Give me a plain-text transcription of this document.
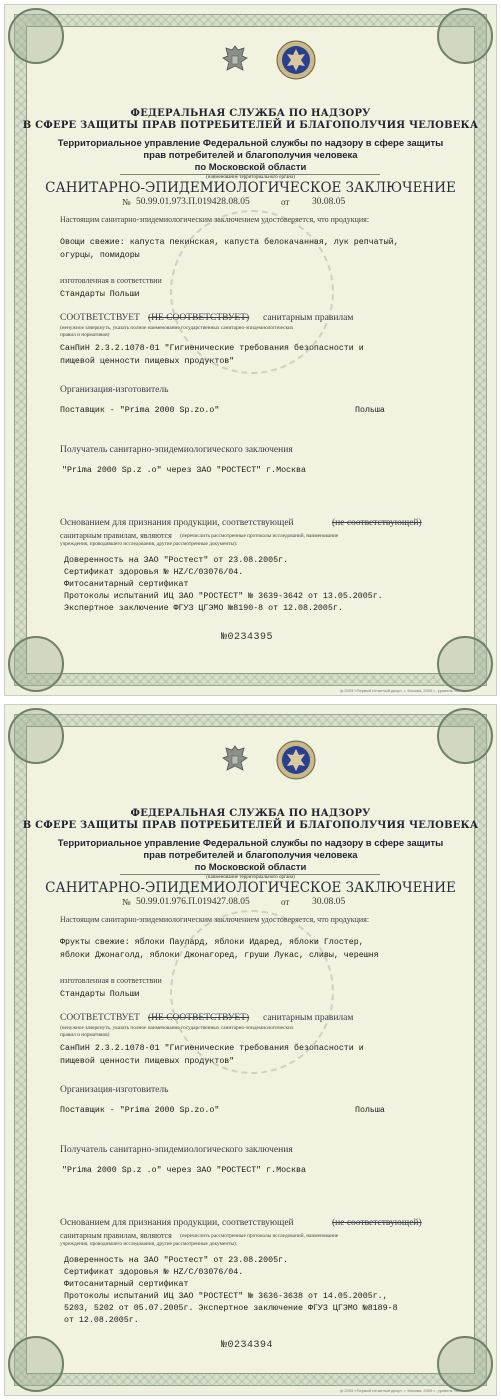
ФЕДЕРАЛЬНАЯ СЛУЖБА ПО НАДЗОРУ

В СФЕРЕ ЗАЩИТЫ ПРАВ ПОТРЕБИТЕЛЕЙ И БЛАГОПОЛУЧИЯ ЧЕЛОВЕКА

Территориальное управление Федеральной службы по надзору в сфере защиты

прав потребителей и благополучия человека

по Московской области

(наименование территориального органа)

САНИТАРНО-ЭПИДЕМИОЛОГИЧЕСКОЕ ЗАКЛЮЧЕНИЕ

№ 50.99.01.973.П.019428.08.05	от 30.08.05

Настоящим санитарно-эпидемиологическим заключением удостоверяется, что продукция:

Овощи свежие: капуста пекинская, капуста белокачанная, лук репчатый,

огурцы, помидоры

изготовленная в соответствии

Стандарты Польши

СООТВЕТСТВУЕТ (НЕ СООТВЕТСТВУЕТ) санитарным правилам

(ненужное зачеркнуть, указать полное наименование государственных санитарно-эпидемиологических

правил и нормативов)

СанПиН 2.3.2.1078-01 "Гигиенические требования безопасности и

пищевой ценности пищевых продуктов"

Организация-изготовитель

Поставщик - "Prima 2000 Sp.zo.o"	Польша

Получатель санитарно-эпидемиологического заключения

"Prima 2000 Sp.z .o" через ЗАО "РОСТЕСТ" г.Москва

Основанием для признания продукции, соответствующей	(не соответствующей)

санитарным правилам, являются (перечислить рассмотренные протоколы исследований, наименование

учреждения, проводившего исследования, другие рассмотренные документы):

Доверенность на ЗАО "Ростест" от 23.08.2005г.

Сертификат здоровья № HZ/C/03076/04.

Фитосанитарный сертификат

Протоколы испытаний ИЦ ЗАО "РОСТЕСТ" № 3639-3642 от 13.05.2005г.

Экспертное заключение ФГУЗ ЦГЭМО №8190-8 от 12.08.2005г.

№0234395

ф 2005 «Первый печатный двор», г. Москва, 2005 г., уровень «Б»

ФЕДЕРАЛЬНАЯ СЛУЖБА ПО НАДЗОРУ

В СФЕРЕ ЗАЩИТЫ ПРАВ ПОТРЕБИТЕЛЕЙ И БЛАГОПОЛУЧИЯ ЧЕЛОВЕКА

Территориальное управление Федеральной службы по надзору в сфере защиты

прав потребителей и благополучия человека

по Московской области

(наименование территориального органа)

САНИТАРНО-ЭПИДЕМИОЛОГИЧЕСКОЕ ЗАКЛЮЧЕНИЕ

№ 50.99.01.976.П.019427.08.05	от 30.08.05

Настоящим санитарно-эпидемиологическим заключением удостоверяется, что продукция:

Фрукты свежие: яблоки Паулард, яблоки Идаред, яблоки Глостер,

яблоки Джонаголд, яблоки Джонагоред, груши Лукас, сливы, черешня

изготовленная в соответствии

Стандарты Польши

СООТВЕТСТВУЕТ (НЕ СООТВЕТСТВУЕТ) санитарным правилам

(ненужное зачеркнуть, указать полное наименование государственных санитарно-эпидемиологических

правил и нормативов)

СанПиН 2.3.2.1078-01 "Гигиенические требования безопасности и

пищевой ценности пищевых продуктов"

Организация-изготовитель

Поставщик - "Prima 2000 Sp.zo.o"	Польша

Получатель санитарно-эпидемиологического заключения

"Prima 2000 Sp.z .o" через ЗАО "РОСТЕСТ" г.Москва

Основанием для признания продукции, соответствующей	(не соответствующей)

санитарным правилам, являются (перечислить рассмотренные протоколы исследований, наименование

учреждения, проводившего исследования, другие рассмотренные документы):

Доверенность на ЗАО "Ростест" от 23.08.2005г.

Сертификат здоровья № HZ/C/03076/04.

Фитосанитарный сертификат

Протоколы испытаний ИЦ ЗАО "РОСТЕСТ" № 3636-3638 от 14.05.2005г.,

5203, 5202 от 05.07.2005г. Экспертное заключение ФГУЗ ЦГЭМО №8189-8

от 12.08.2005г.

№0234394

ф 2005 «Первый печатный двор», г. Москва, 2005 г., уровень «Б»
